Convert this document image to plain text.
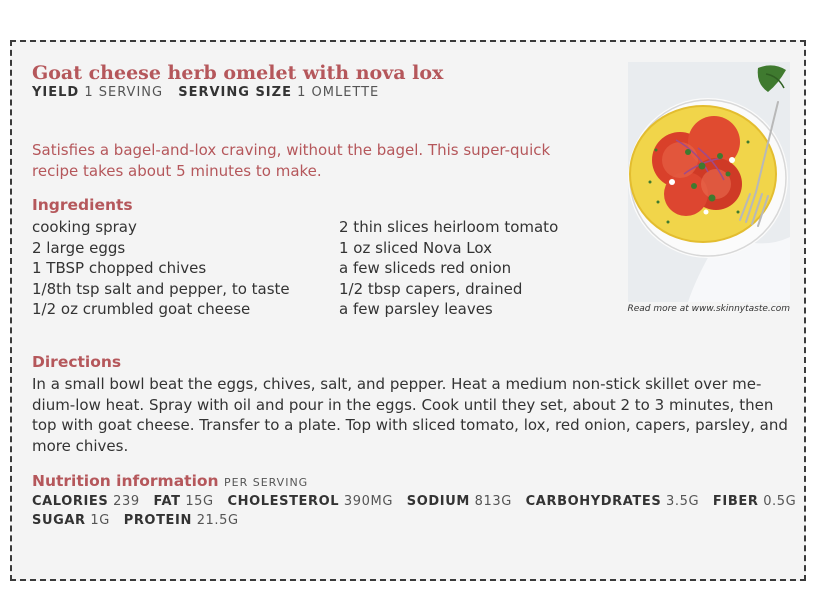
Goat cheese herb omelet with nova lox
YIELD 1 SERVING SERVING SIZE 1 OMLETTE

Satisfies a bagel-and-lox craving, without the bagel. This super-quick recipe takes about 5 minutes to make.

Ingredients
cooking spray
2 large eggs
1 TBSP chopped chives
1/8th tsp salt and pepper, to taste
1/2 oz crumbled goat cheese
2 thin slices heirloom tomato
1 oz sliced Nova Lox
a few sliceds red onion
1/2 tbsp capers, drained
a few parsley leaves
Directions

In a small bowl beat the eggs, chives, salt, and pepper. Heat a medium non-stick skillet over me-dium-low heat. Spray with oil and pour in the eggs. Cook until they set, about 2 to 3 minutes, then top with goat cheese. Transfer to a plate. Top with sliced tomato, lox, red onion, capers, parsley, and more chives.

Nutrition information PER SERVING
CALORIES 239 FAT 15G CHOLESTEROL 390MG SODIUM 813G CARBOHYDRATES 3.5G FIBER 0.5G
SUGAR 1G PROTEIN 21.5G
Read more at www.skinnytaste.com
